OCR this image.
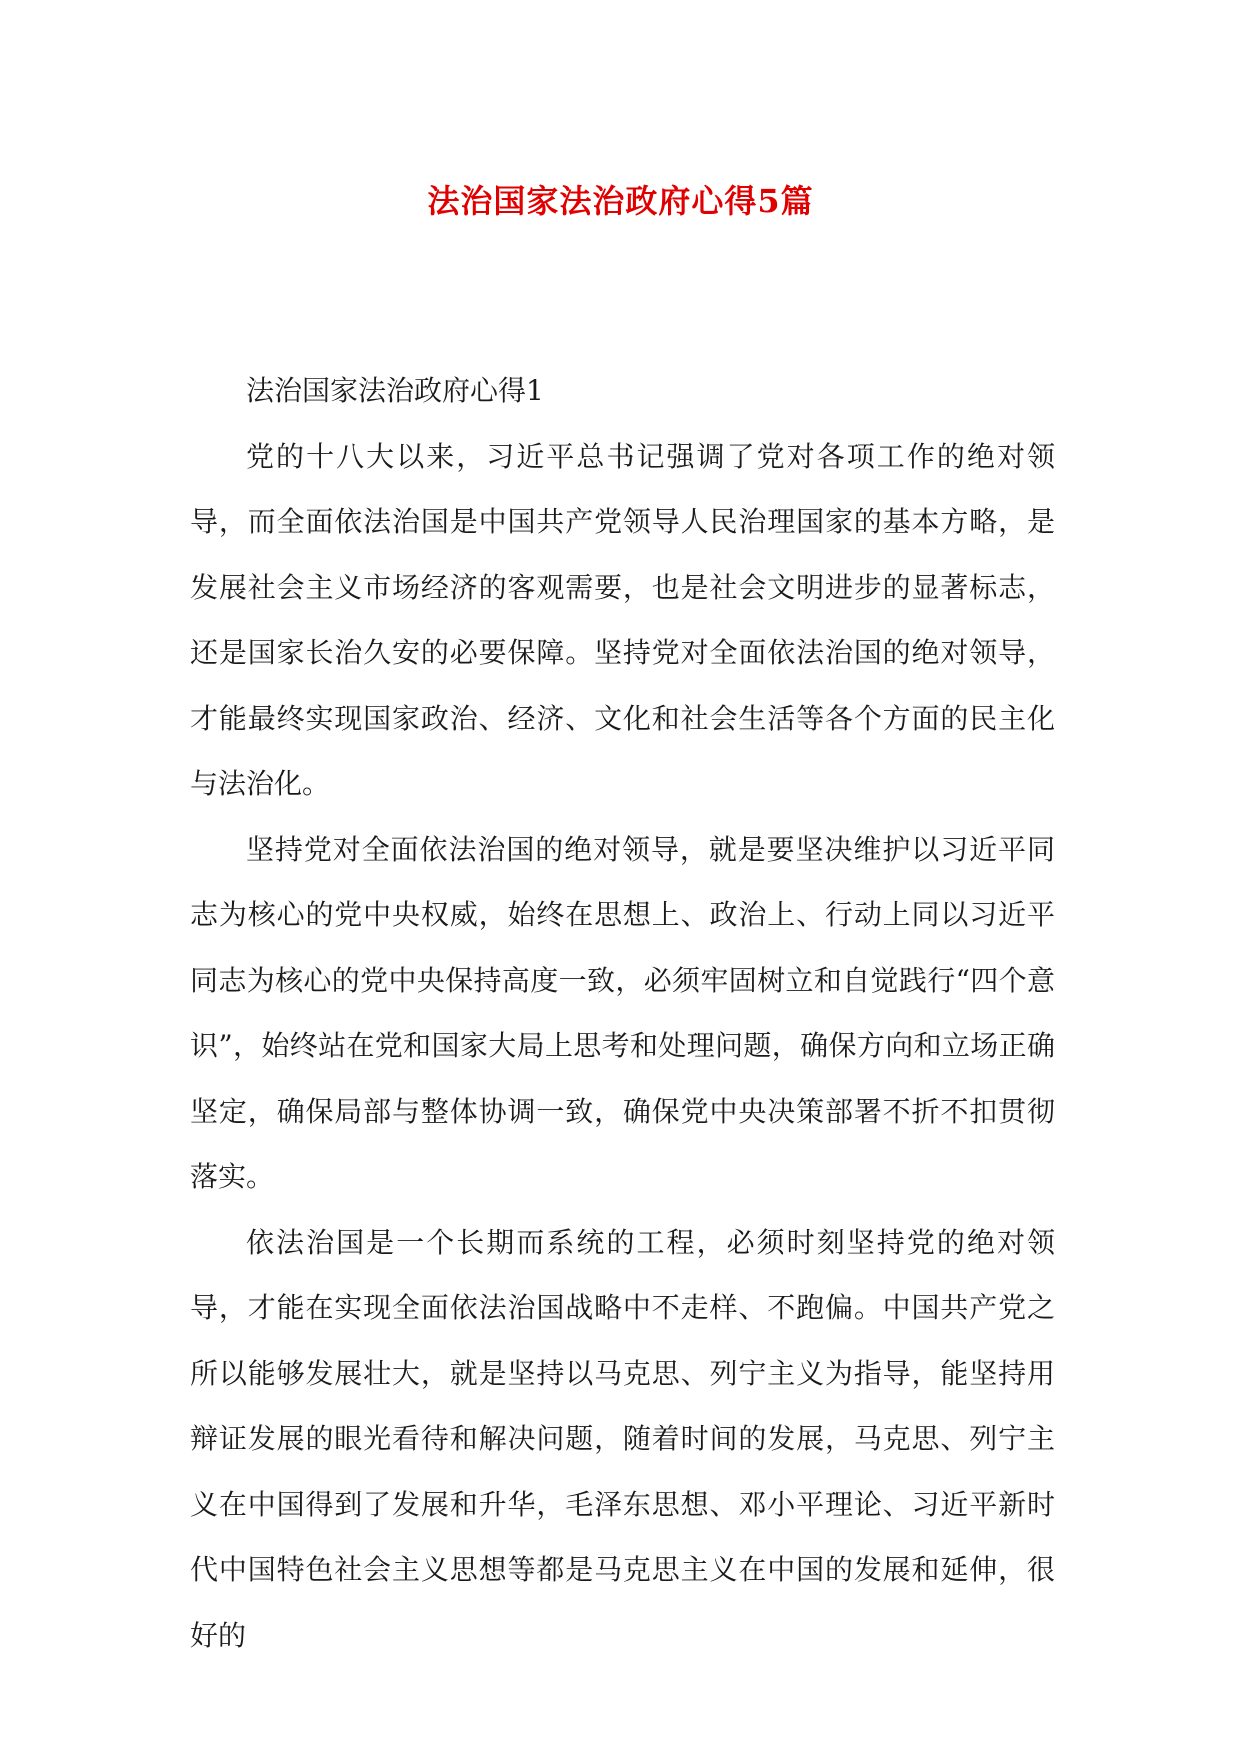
法治国家法治政府心得5篇

法治国家法治政府心得1

党的十八大以来，习近平总书记强调了党对各项工作的绝对领导，而全面依法治国是中国共产党领导人民治理国家的基本方略，是发展社会主义市场经济的客观需要，也是社会文明进步的显著标志，还是国家长治久安的必要保障。坚持党对全面依法治国的绝对领导，才能最终实现国家政治、经济、文化和社会生活等各个方面的民主化与法治化。

坚持党对全面依法治国的绝对领导，就是要坚决维护以习近平同志为核心的党中央权威，始终在思想上、政治上、行动上同以习近平同志为核心的党中央保持高度一致，必须牢固树立和自觉践行“四个意识”，始终站在党和国家大局上思考和处理问题，确保方向和立场正确坚定，确保局部与整体协调一致，确保党中央决策部署不折不扣贯彻落实。

依法治国是一个长期而系统的工程，必须时刻坚持党的绝对领导，才能在实现全面依法治国战略中不走样、不跑偏。中国共产党之所以能够发展壮大，就是坚持以马克思、列宁主义为指导，能坚持用辩证发展的眼光看待和解决问题，随着时间的发展，马克思、列宁主义在中国得到了发展和升华，毛泽东思想、邓小平理论、习近平新时代中国特色社会主义思想等都是马克思主义在中国的发展和延伸，很好的
